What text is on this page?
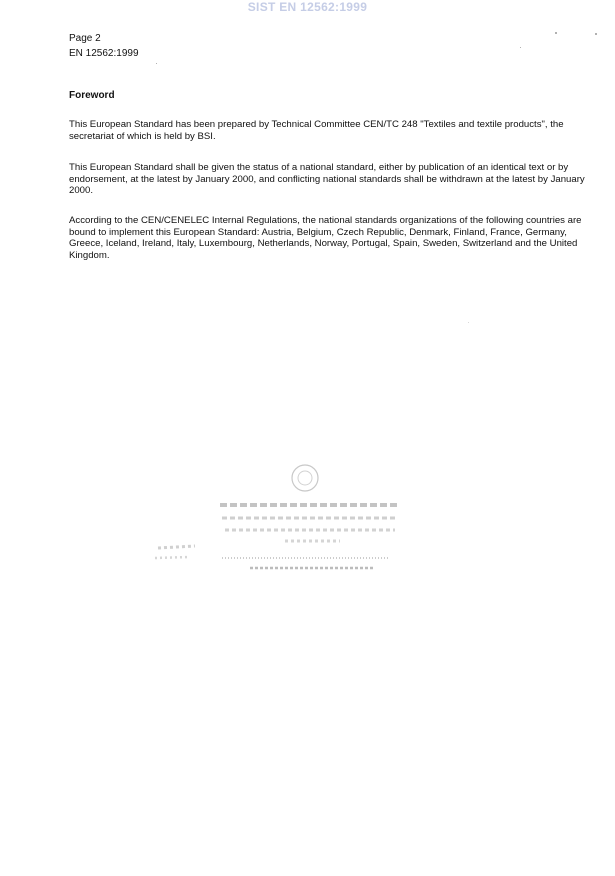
SIST EN 12562:1999
Page 2
EN 12562:1999
Foreword
This European Standard has been prepared by Technical Committee CEN/TC 248 "Textiles and textile products", the secretariat of which is held by BSI.
This European Standard shall be given the status of a national standard, either by publication of an identical text or by endorsement, at the latest by January 2000, and conflicting national standards shall be withdrawn at the latest by January 2000.
According to the CEN/CENELEC Internal Regulations, the national standards organizations of the following countries are bound to implement this European Standard: Austria, Belgium, Czech Republic, Denmark, Finland, France, Germany, Greece, Iceland, Ireland, Italy, Luxembourg, Netherlands, Norway, Portugal, Spain, Sweden, Switzerland and the United Kingdom.
